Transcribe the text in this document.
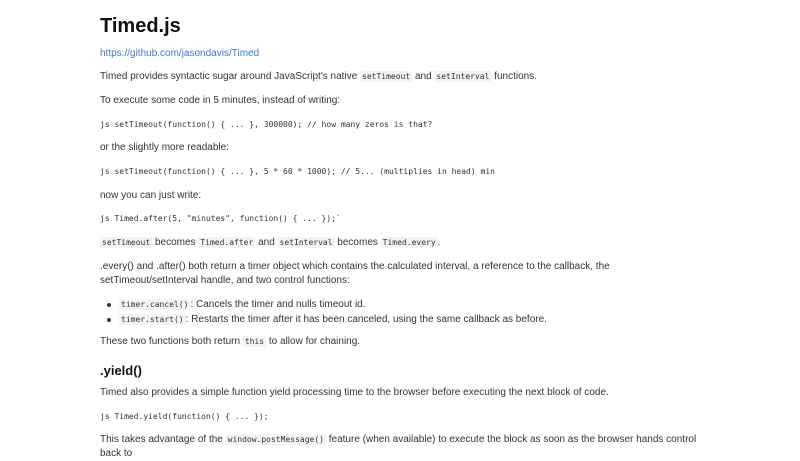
Timed.js
https://github.com/jasondavis/Timed

Timed provides syntactic sugar around JavaScript's native setTimeout and setInterval functions.

To execute some code in 5 minutes, instead of writing:

js setTimeout(function() { ... }, 300000); // how many zeros is that?

or the slightly more readable:

js setTimeout(function() { ... }, 5 * 60 * 1000); // 5... (multiplies in head) min

now you can just write:

js Timed.after(5, "minutes", function() { ... });`

setTimeout becomes Timed.after and setInterval becomes Timed.every .

.every() and .after() both return a timer object which contains the calculated interval, a reference to the callback, the setTimeout/setInterval handle, and two control functions:

timer.cancel() : Cancels the timer and nulls timeout id.
timer.start() : Restarts the timer after it has been canceled, using the same callback as before.

These two functions both return this to allow for chaining.

.yield()

Timed also provides a simple function yield processing time to the browser before executing the next block of code.

js Timed.yield(function() { ... });

This takes advantage of the window.postMessage() feature (when available) to execute the block as soon as the browser hands control back to
